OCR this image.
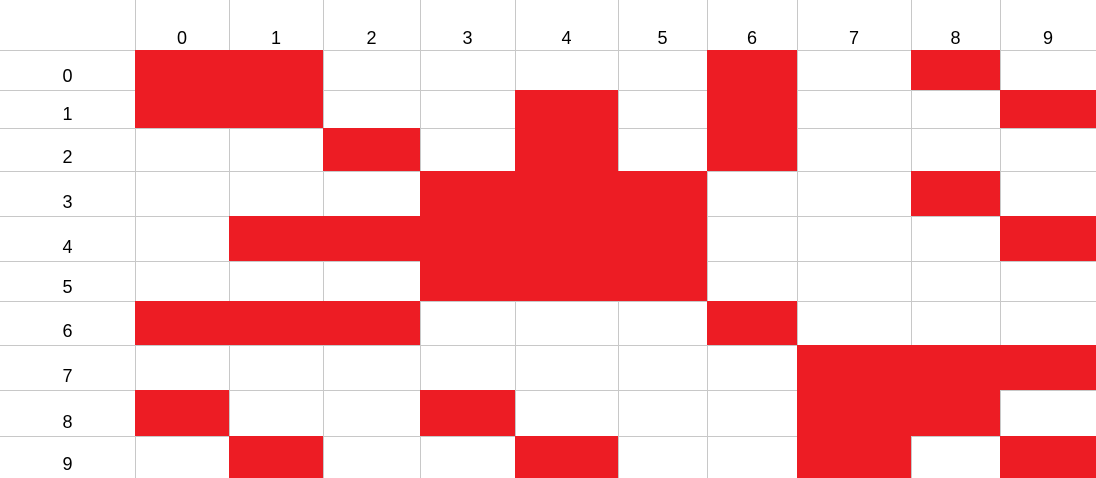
0	1	2	3	4	5	6	7	8	9
0
1
2
3
4
5
6
7
8
9
